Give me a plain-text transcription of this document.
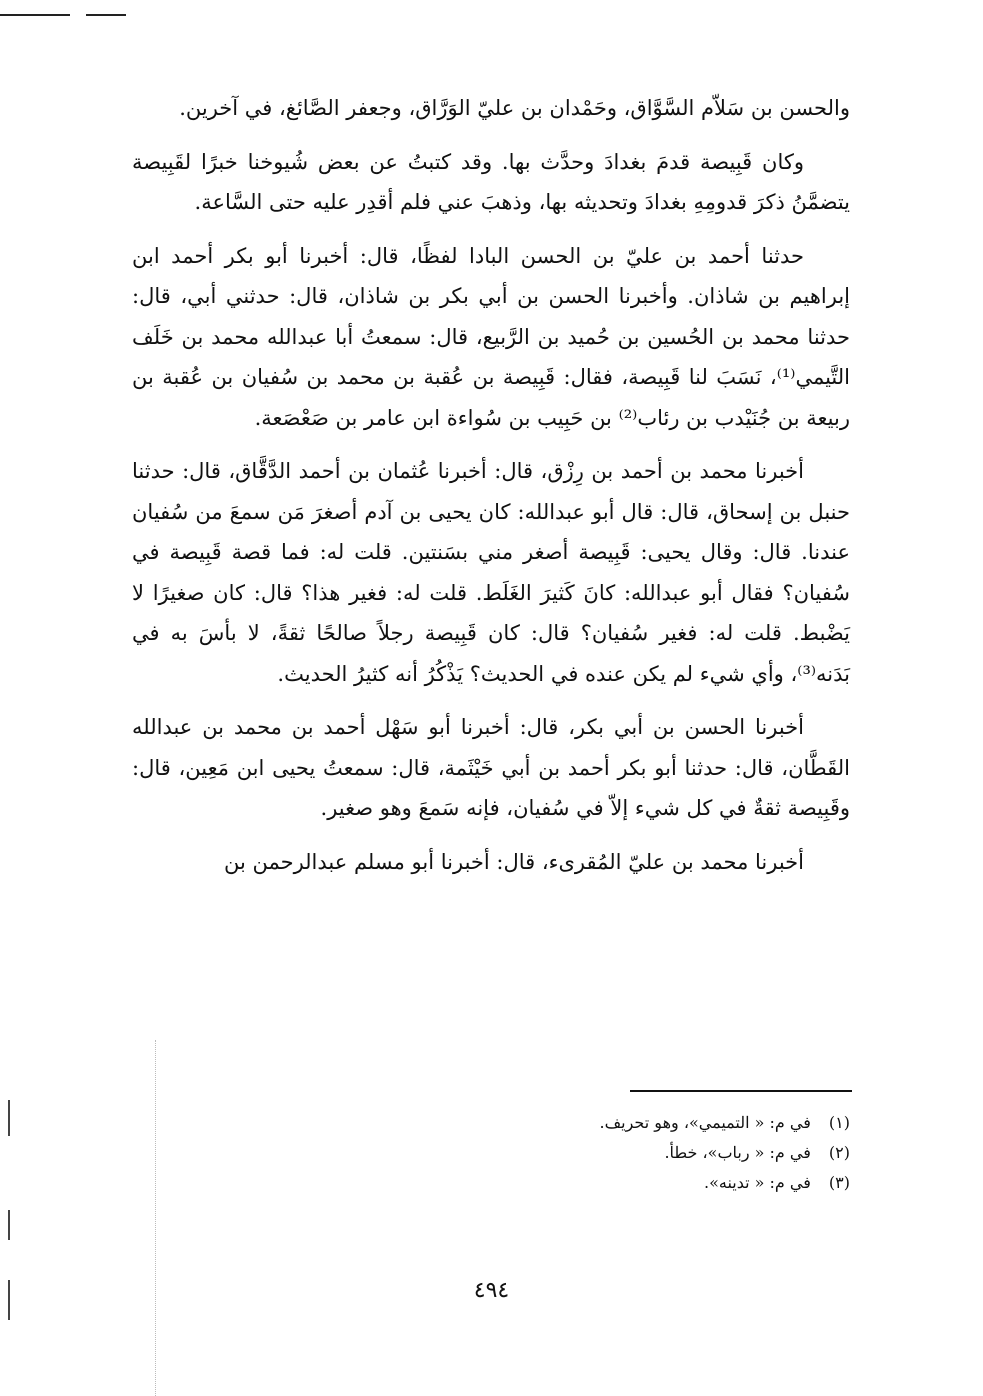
والحسن بن سَلاّم السَّوَّاق، وحَمْدان بن عليّ الوَرَّاق، وجعفر الصَّائغ، في آخرين.

وكان قَبِيصة قدمَ بغدادَ وحدَّث بها. وقد كتبتُ عن بعض شُيوخنا خبرًا لقَبِيصة يتضمَّنُ ذكرَ قدومِهِ بغدادَ وتحديثه بها، وذهبَ عني فلم أقدِر عليه حتى السَّاعة.

حدثنا أحمد بن عليّ بن الحسن البادا لفظًا، قال: أخبرنا أبو بكر أحمد ابن إبراهيم بن شاذان. وأخبرنا الحسن بن أبي بكر بن شاذان، قال: حدثني أبي، قال: حدثنا محمد بن الحُسين بن حُميد بن الرَّبيع، قال: سمعتُ أبا عبدالله محمد بن خَلَف التَّيمي⁽¹⁾، نَسَبَ لنا قَبِيصة، فقال: قَبِيصة بن عُقبة بن محمد بن سُفيان بن عُقبة بن ربيعة بن جُنَيْدب بن رئاب⁽²⁾ بن حَبِيب بن سُواءة ابن عامر بن صَعْصَعة.

أخبرنا محمد بن أحمد بن رِزْق، قال: أخبرنا عُثمان بن أحمد الدَّقَّاق، قال: حدثنا حنبل بن إسحاق، قال: قال أبو عبدالله: كان يحيى بن آدم أصغرَ مَن سمعَ من سُفيان عندنا. قال: وقال يحيى: قَبِيصة أصغر مني بسَنتين. قلت له: فما قصة قَبِيصة في سُفيان؟ فقال أبو عبدالله: كانَ كَثيرَ الغَلَط. قلت له: فغير هذا؟ قال: كان صغيرًا لا يَضْبط. قلت له: فغير سُفيان؟ قال: كان قَبِيصة رجلاً صالحًا ثقةً، لا بأسَ به في بَدَنه⁽³⁾، وأي شيء لم يكن عنده في الحديث؟ يَذْكُرُ أنه كثيرُ الحديث.

أخبرنا الحسن بن أبي بكر، قال: أخبرنا أبو سَهْل أحمد بن محمد بن عبدالله القَطَّان، قال: حدثنا أبو بكر أحمد بن أبي خَيْثَمة، قال: سمعتُ يحيى ابن مَعِين، قال: وقَبِيصة ثقةٌ في كل شيء إلاّ في سُفيان، فإنه سَمعَ وهو صغير.

أخبرنا محمد بن عليّ المُقرىء، قال: أخبرنا أبو مسلم عبدالرحمن بن

(١) في م: « التميمي»، وهو تحريف.
(٢) في م: « رباب»، خطأ.
(٣) في م: « تدينه».
٤٩٤
